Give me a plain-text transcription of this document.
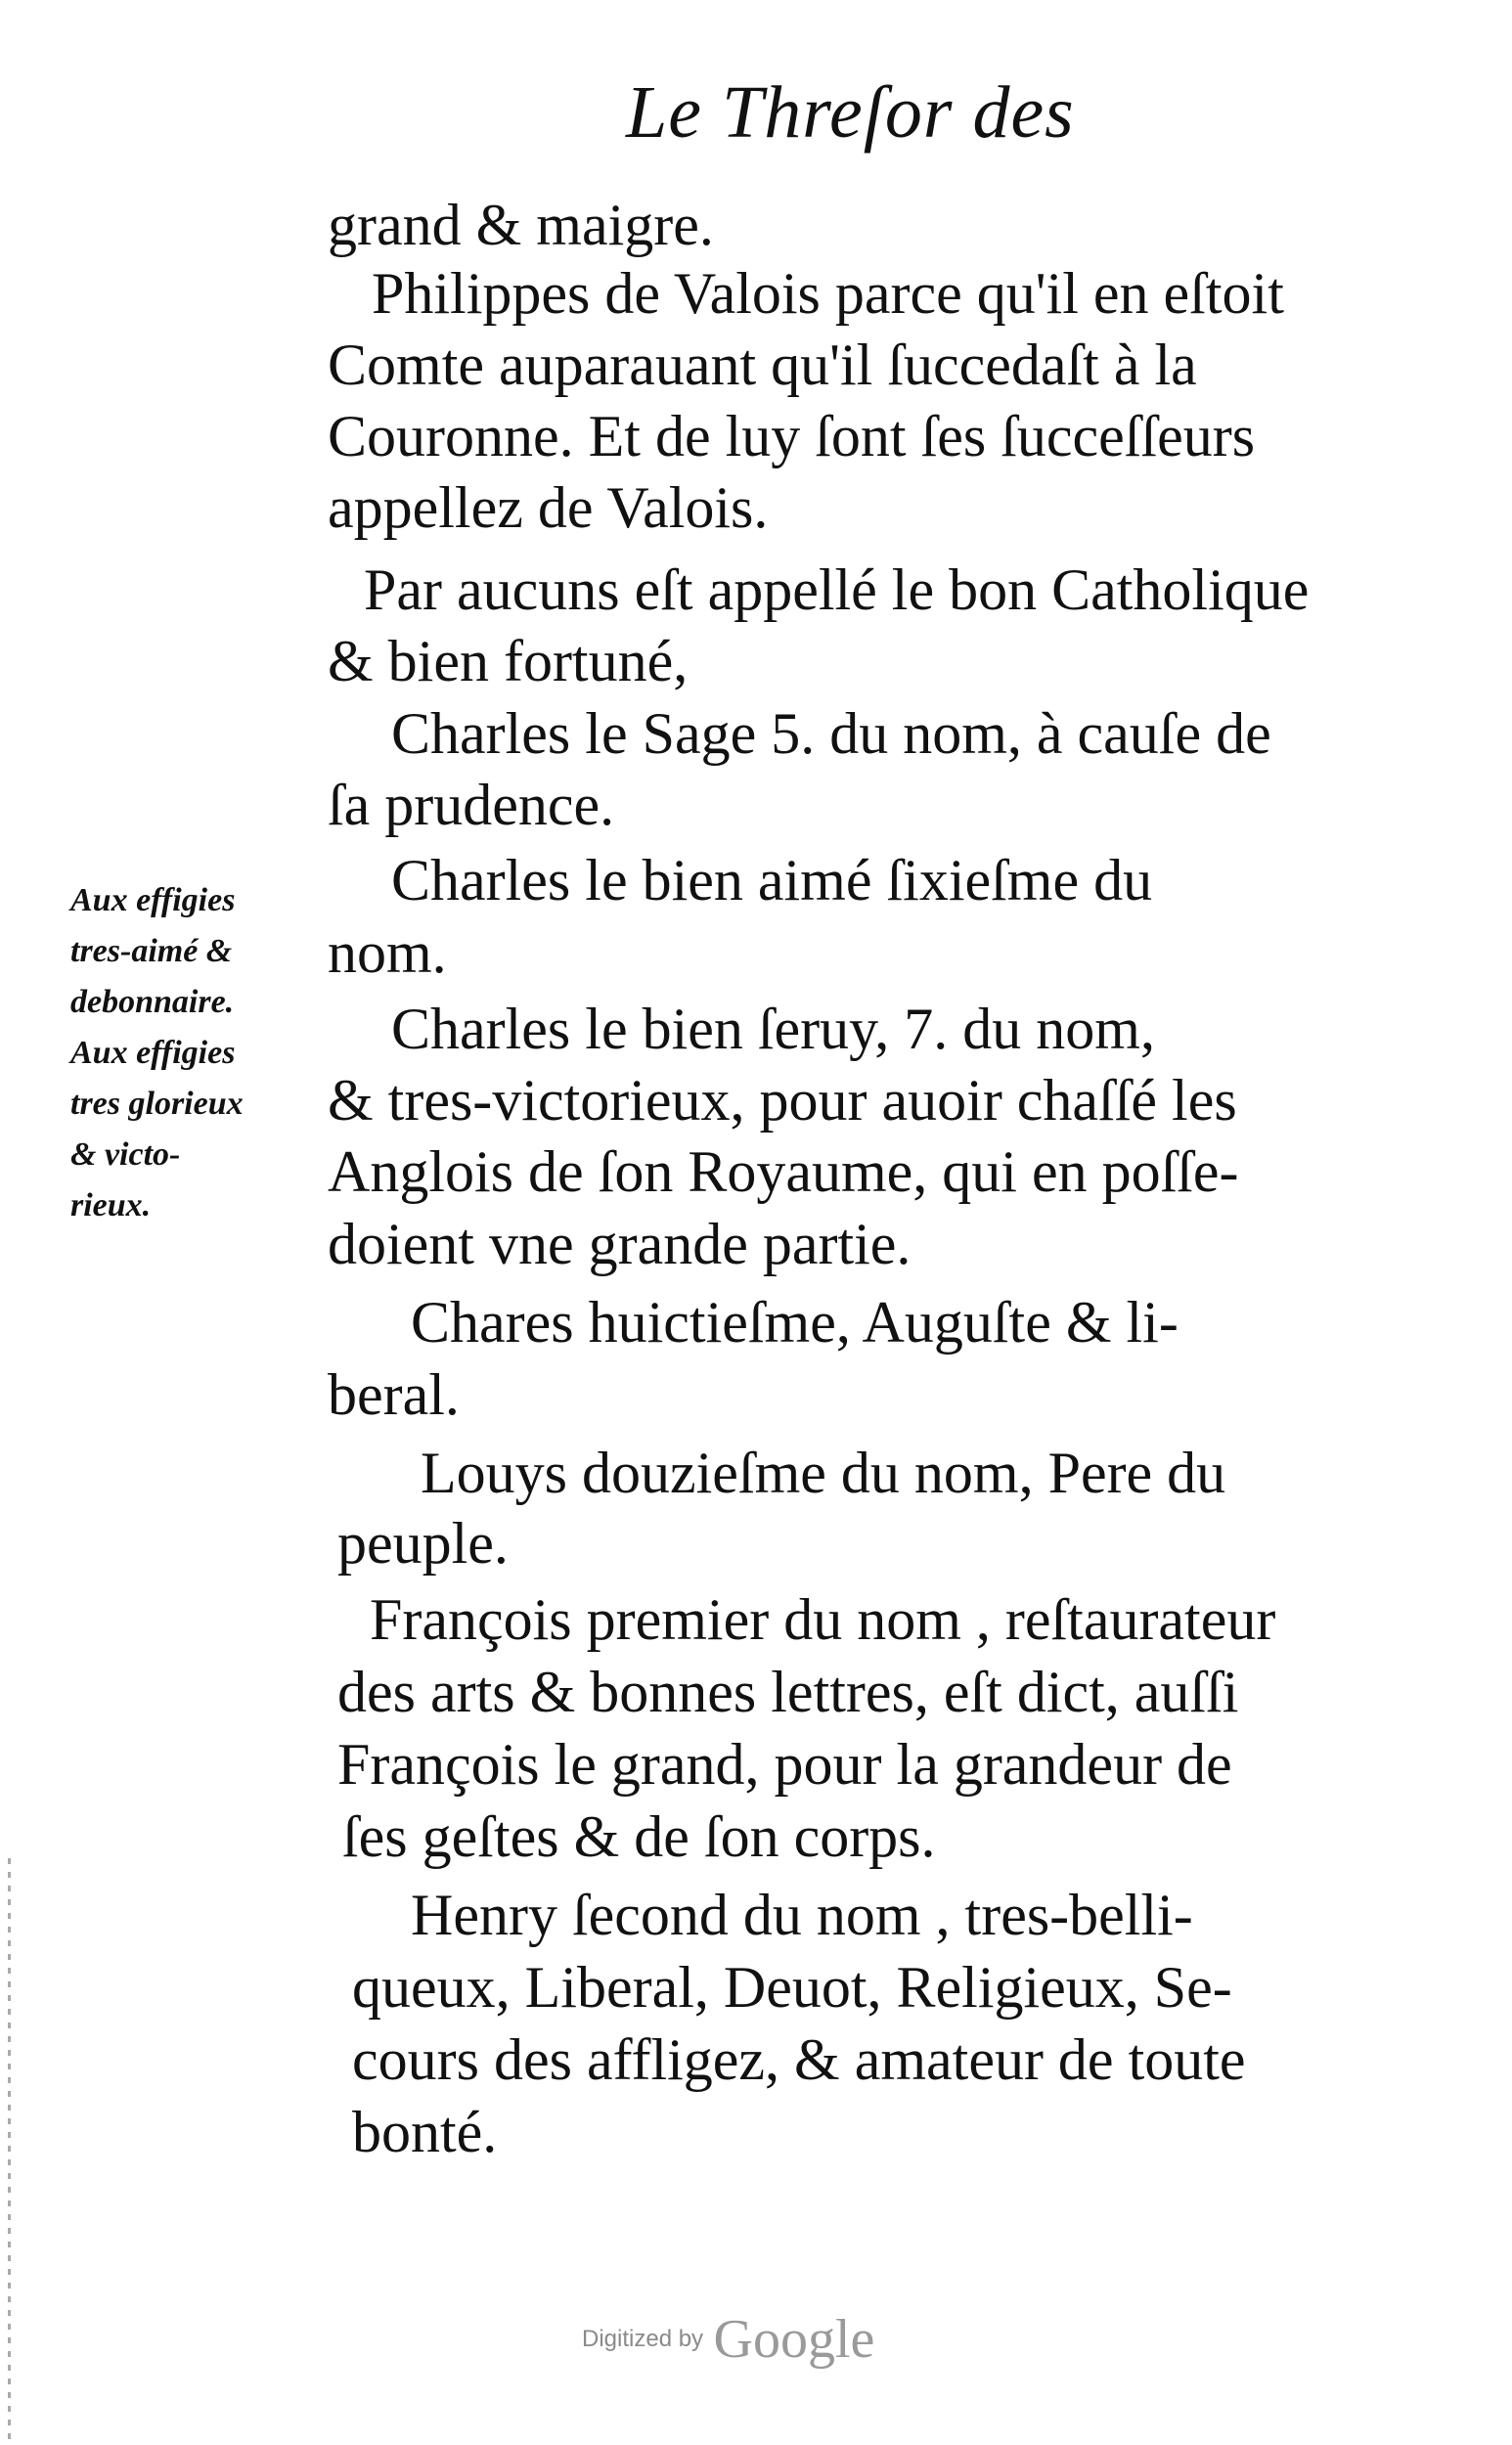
Le Threſor des
grand & maigre.
Philippes de Valois parce qu'il en eſtoit
Comte auparauant qu'il ſuccedaſt à la
Couronne. Et de luy ſont ſes ſucceſſeurs
appellez de Valois.
Par aucuns eſt appellé le bon Catholique
& bien fortuné,
Charles le Sage 5. du nom, à cauſe de
ſa prudence.
Charles le bien aimé ſixieſme du
nom.
Charles le bien ſeruy, 7. du nom,
& tres-victorieux, pour auoir chaſſé les
Anglois de ſon Royaume, qui en poſſe-
doient vne grande partie.
Chares huictieſme, Auguſte & li-
beral.
Louys douzieſme du nom, Pere du
peuple.
François premier du nom , reſtaurateur
des arts & bonnes lettres, eſt dict, auſſi
François le grand, pour la grandeur de
ſes geſtes & de ſon corps.
Henry ſecond du nom , tres-belli-
queux, Liberal, Deuot, Religieux, Se-
cours des affligez, & amateur de toute
bonté.
Aux effigies
tres-aimé &
debonnaire.
Aux effigies
tres glorieux
& victo-
rieux.
Digitized by Google
